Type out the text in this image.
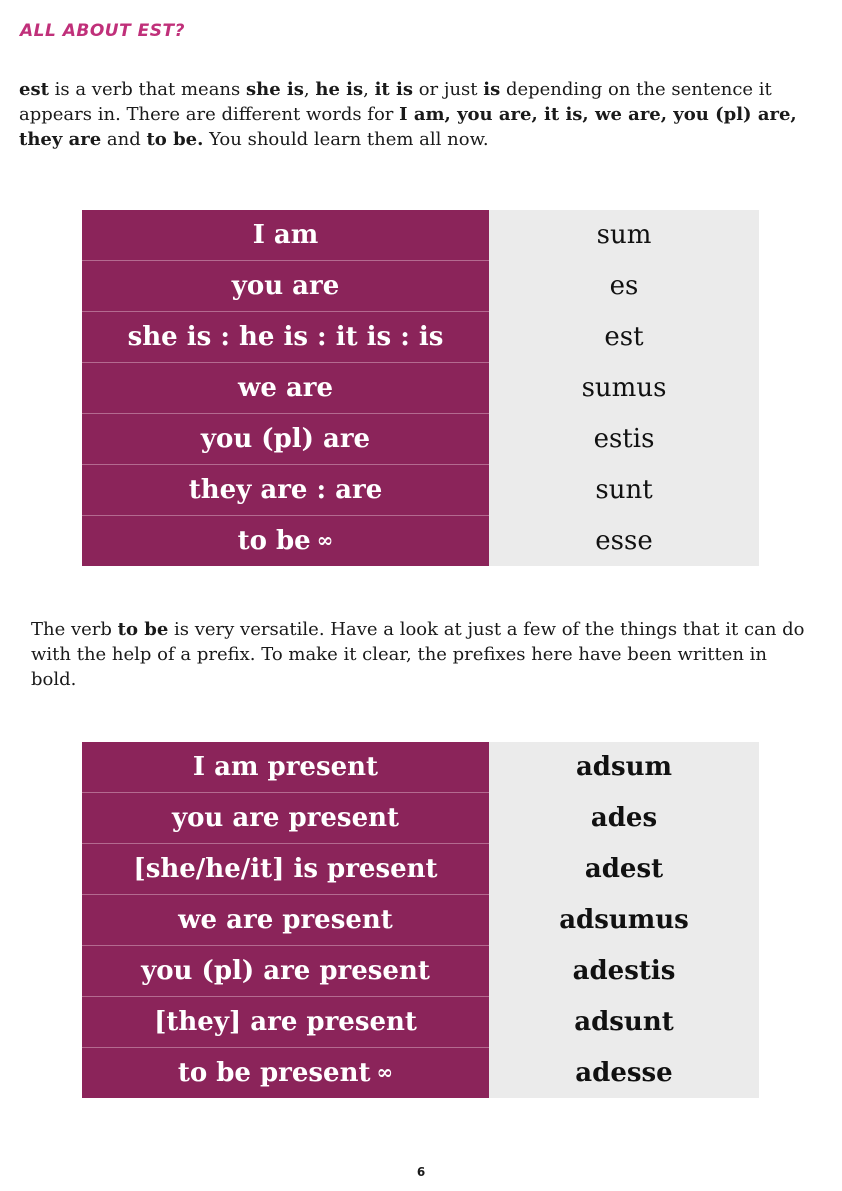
ALL ABOUT EST?

est is a verb that means she is, he is, it is or just is depending on the sentence it appears in. There are different words for I am, you are, it is, we are, you (pl) are, they are and to be. You should learn them all now.

I am	sum
you are	es
she is : he is : it is : is	est
we are	sumus
you (pl) are	estis
they are : are	sunt
to be ∞	esse

The verb to be is very versatile. Have a look at just a few of the things that it can do with the help of a prefix. To make it clear, the prefixes here have been written in bold.

I am present	adsum
you are present	ades
[she/he/it] is present	adest
we are present	adsumus
you (pl) are present	adestis
[they] are present	adsunt
to be present ∞	adesse
6
